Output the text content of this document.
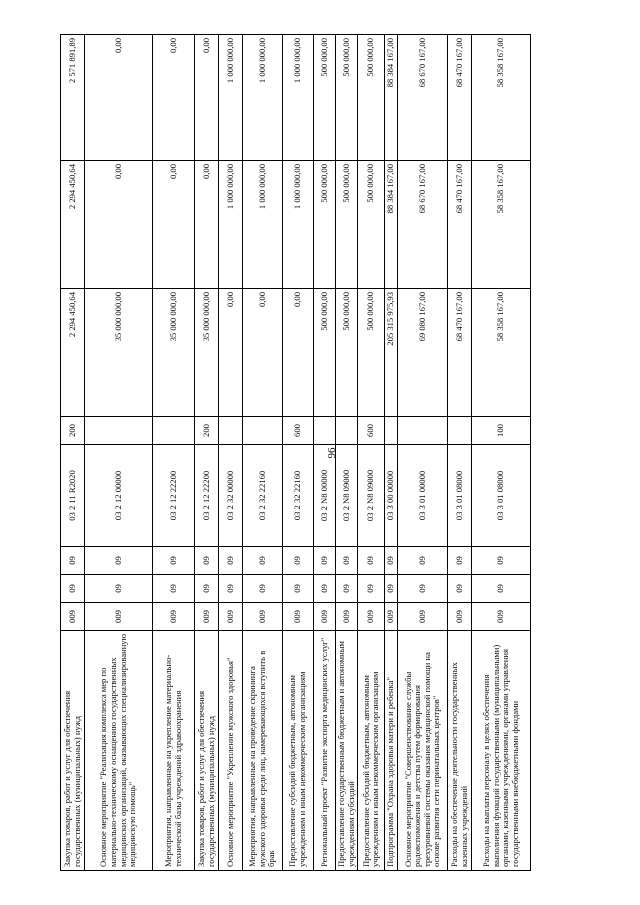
96
Закупка товаров, работ и услуг для обеспечения государственных (муниципальных) нужд	009	09	09	03 2 11 R2020	200	2 294 450,64	2 294 450,64	2 571 891,89
Основное мероприятие "Реализация комплекса мер по материально-техническому оснащению государственных медицинских организаций, оказывающих специализированную медицинскую помощь"	009	09	09	03 2 12 00000		35 000 000,00	0,00	0,00
Мероприятия, направленные на укрепление материально-технической базы учреждений здравоохранения	009	09	09	03 2 12 22200		35 000 000,00	0,00	0,00
Закупка товаров, работ и услуг для обеспечения государственных (муниципальных) нужд	009	09	09	03 2 12 22200	200	35 000 000,00	0,00	0,00
Основное мероприятие "Укрепление мужского здоровья"	009	09	09	03 2 32 00000		0,00	1 000 000,00	1 000 000,00
Мероприятия, направленные на проведение скрининга мужского здоровья среди лиц, намеревающихся вступить в брак	009	09	09	03 2 32 22160		0,00	1 000 000,00	1 000 000,00
Предоставление субсидий бюджетным, автономным учреждениям и иным некоммерческим организациям	009	09	09	03 2 32 22160	600	0,00	1 000 000,00	1 000 000,00
Региональный проект "Развитие экспорта медицинских услуг"	009	09	09	03 2 N8 00000		500 000,00	500 000,00	500 000,00
Предоставление государственным бюджетным и автономным учреждениям субсидий	009	09	09	03 2 N8 09000		500 000,00	500 000,00	500 000,00
Предоставление субсидий бюджетным, автономным учреждениям и иным некоммерческим организациям	009	09	09	03 2 N8 09000	600	500 000,00	500 000,00	500 000,00
Подпрограмма "Охрана здоровья матери и ребенка"	009	09	09	03 3 00 00000		205 315 975,93	88 384 167,00	88 384 167,00
Основное мероприятие "Совершенствование службы родовспоможения и детства путем формирования трехуровневой системы оказания медицинской помощи на основе развития сети перинатальных центров"	009	09	09	03 3 01 00000		69 080 167,00	68 670 167,00	68 670 167,00
Расходы на обеспечение деятельности государственных казенных учреждений	009	09	09	03 3 01 08000		68 470 167,00	68 470 167,00	68 470 167,00
Расходы на выплаты персоналу в целях обеспечения выполнения функций государственными (муниципальными) органами, казенными учреждениями, органами управления государственными внебюджетными фондами	009	09	09	03 3 01 08000	100	58 358 167,00	58 358 167,00	58 358 167,00
